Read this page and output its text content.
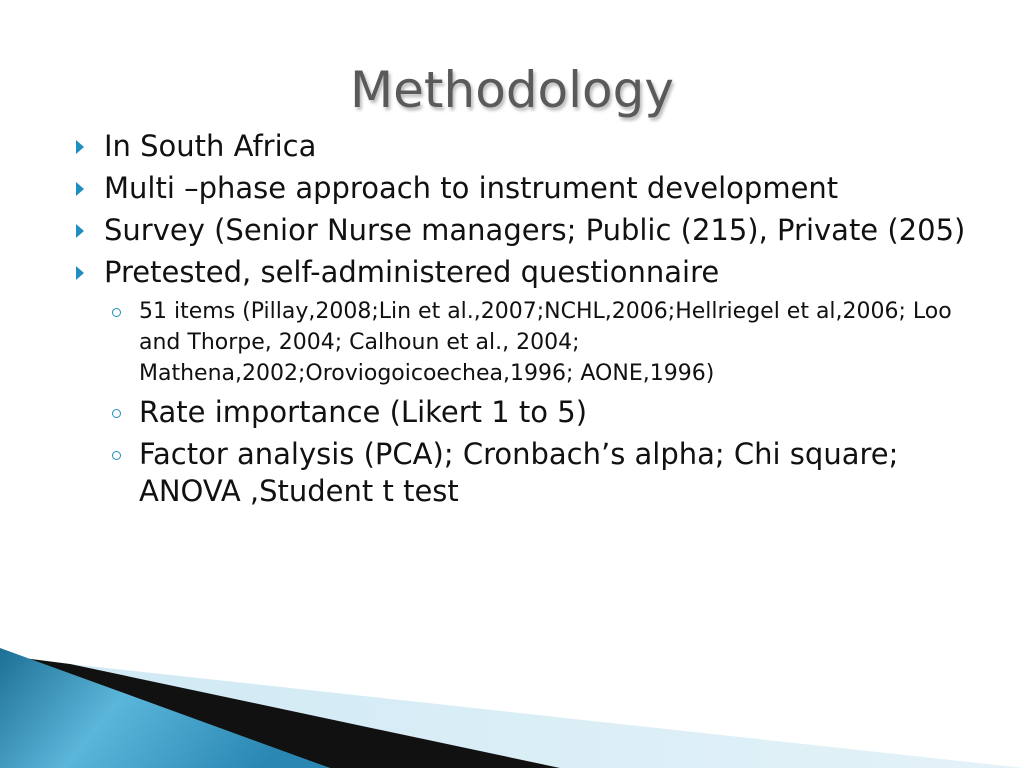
Methodology
In South Africa
Multi –phase approach to instrument development
Survey (Senior Nurse managers; Public (215), Private (205)
Pretested, self-administered questionnaire
51 items (Pillay,2008;Lin et al.,2007;NCHL,2006;Hellriegel et al,2006; Loo and Thorpe, 2004; Calhoun et al., 2004; Mathena,2002;Oroviogoicoechea,1996; AONE,1996)
Rate importance (Likert 1 to 5)
Factor analysis (PCA); Cronbach’s alpha; Chi square; ANOVA ,Student t test
